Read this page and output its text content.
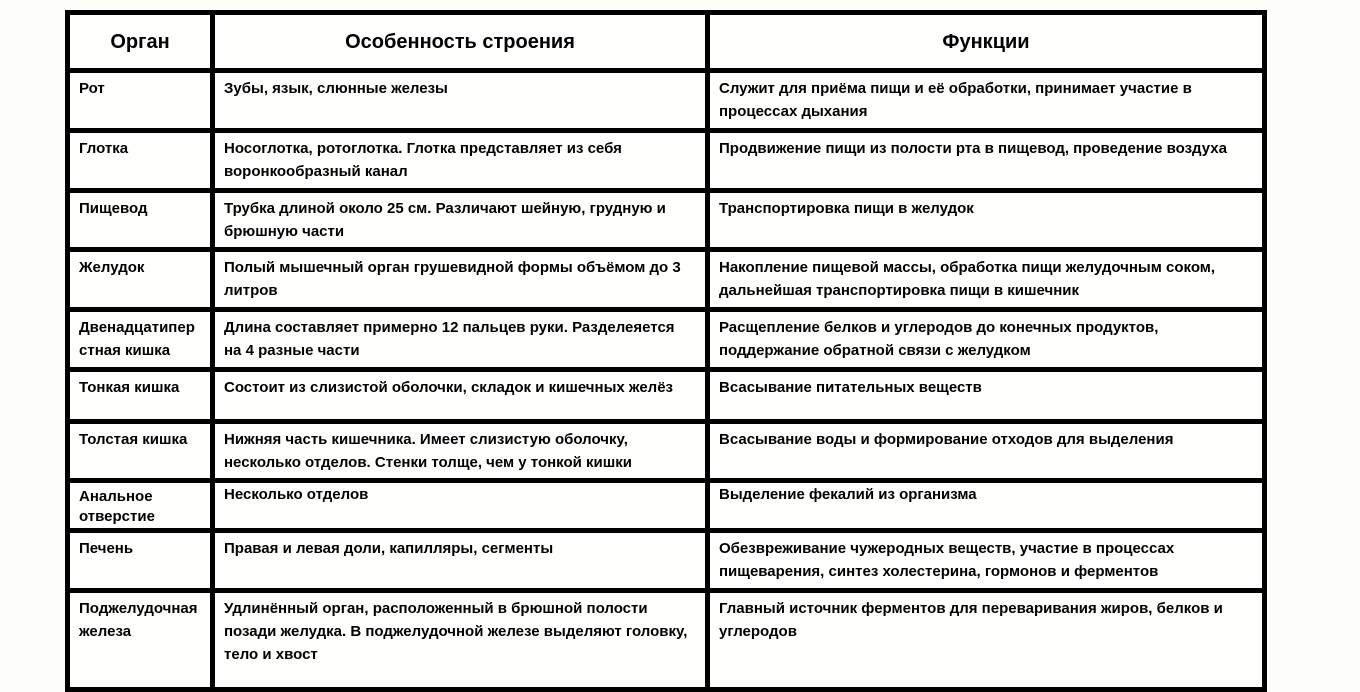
Орган	Особенность строения	Функции
Рот	Зубы, язык, слюнные железы	Служит для приёма пищи и её обработки, принимает участие в процессах дыхания
Глотка	Носоглотка, ротоглотка. Глотка представляет из себя воронкообразный канал	Продвижение пищи из полости рта в пищевод, проведение воздуха
Пищевод	Трубка длиной около 25 см. Различают шейную, грудную и брюшную части	Транспортировка пищи в желудок
Желудок	Полый мышечный орган грушевидной формы объёмом до 3 литров	Накопление пищевой массы, обработка пищи желудочным соком, дальнейшая транспортировка пищи в кишечник
Двенадцатиперстная кишка	Длина составляет примерно 12 пальцев руки. Разделеяется на 4 разные части	Расщепление белков и углеродов до конечных продуктов, поддержание обратной связи с желудком
Тонкая кишка	Состоит из слизистой оболочки, складок и кишечных желёз	Всасывание питательных веществ
Толстая кишка	Нижняя часть кишечника. Имеет слизистую оболочку, несколько отделов. Стенки толще, чем у тонкой кишки	Всасывание воды и формирование отходов для выделения
Анальное отверстие	Несколько отделов	Выделение фекалий из организма
Печень	Правая и левая доли, капилляры, сегменты	Обезвреживание чужеродных веществ, участие в процессах пищеварения, синтез холестерина, гормонов и ферментов
Поджелудочная железа	Удлинённый орган, расположенный в брюшной полости позади желудка. В поджелудочной железе выделяют головку, тело и хвост	Главный источник ферментов для переваривания жиров, белков и углеродов
